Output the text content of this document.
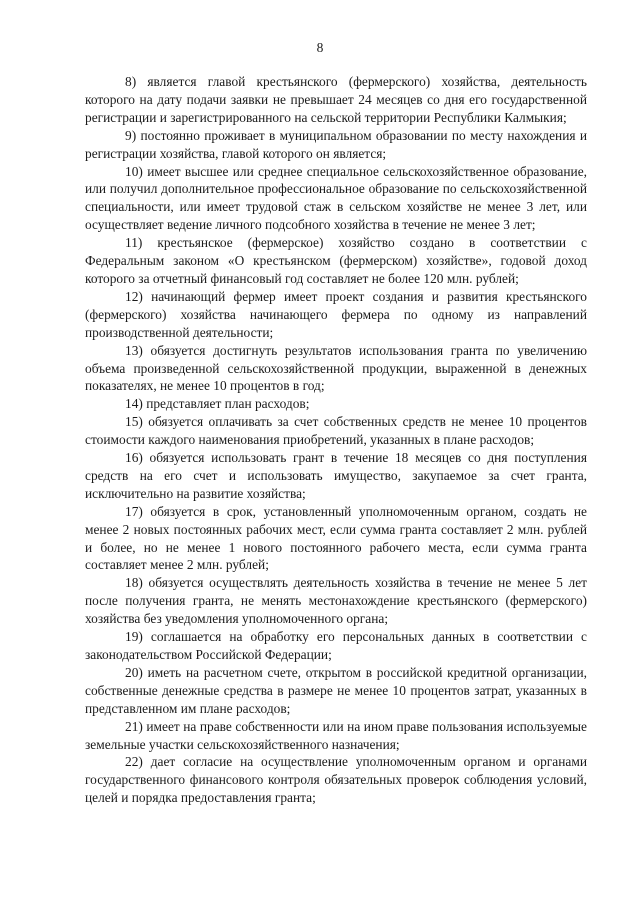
8

8) является главой крестьянского (фермерского) хозяйства, деятельность которого на дату подачи заявки не превышает 24 месяцев со дня его государственной регистрации и зарегистрированного на сельской территории Республики Калмыкия;

9) постоянно проживает в муниципальном образовании по месту нахождения и регистрации хозяйства, главой которого он является;

10) имеет высшее или среднее специальное сельскохозяйственное образование, или получил дополнительное профессиональное образование по сельскохозяйственной специальности, или имеет трудовой стаж в сельском хозяйстве не менее 3 лет, или осуществляет ведение личного подсобного хозяйства в течение не менее 3 лет;

11) крестьянское (фермерское) хозяйство создано в соответствии с Федеральным законом «О крестьянском (фермерском) хозяйстве», годовой доход которого за отчетный финансовый год составляет не более 120 млн. рублей;

12) начинающий фермер имеет проект создания и развития крестьянского (фермерского) хозяйства начинающего фермера по одному из направлений производственной деятельности;

13) обязуется достигнуть результатов использования гранта по увеличению объема произведенной сельскохозяйственной продукции, выраженной в денежных показателях, не менее 10 процентов в год;

14) представляет план расходов;

15) обязуется оплачивать за счет собственных средств не менее 10 процентов стоимости каждого наименования приобретений, указанных в плане расходов;

16) обязуется использовать грант в течение 18 месяцев со дня поступления средств на его счет и использовать имущество, закупаемое за счет гранта, исключительно на развитие хозяйства;

17) обязуется в срок, установленный уполномоченным органом, создать не менее 2 новых постоянных рабочих мест, если сумма гранта составляет 2 млн. рублей и более, но не менее 1 нового постоянного рабочего места, если сумма гранта составляет менее 2 млн. рублей;

18) обязуется осуществлять деятельность хозяйства в течение не менее 5 лет после получения гранта, не менять местонахождение крестьянского (фермерского) хозяйства без уведомления уполномоченного органа;

19) соглашается на обработку его персональных данных в соответствии с законодательством Российской Федерации;

20) иметь на расчетном счете, открытом в российской кредитной организации, собственные денежные средства в размере не менее 10 процентов затрат, указанных в представленном им плане расходов;

21) имеет на праве собственности или на ином праве пользования используемые земельные участки сельскохозяйственного назначения;

22) дает согласие на осуществление уполномоченным органом и органами государственного финансового контроля обязательных проверок соблюдения условий, целей и порядка предоставления гранта;
